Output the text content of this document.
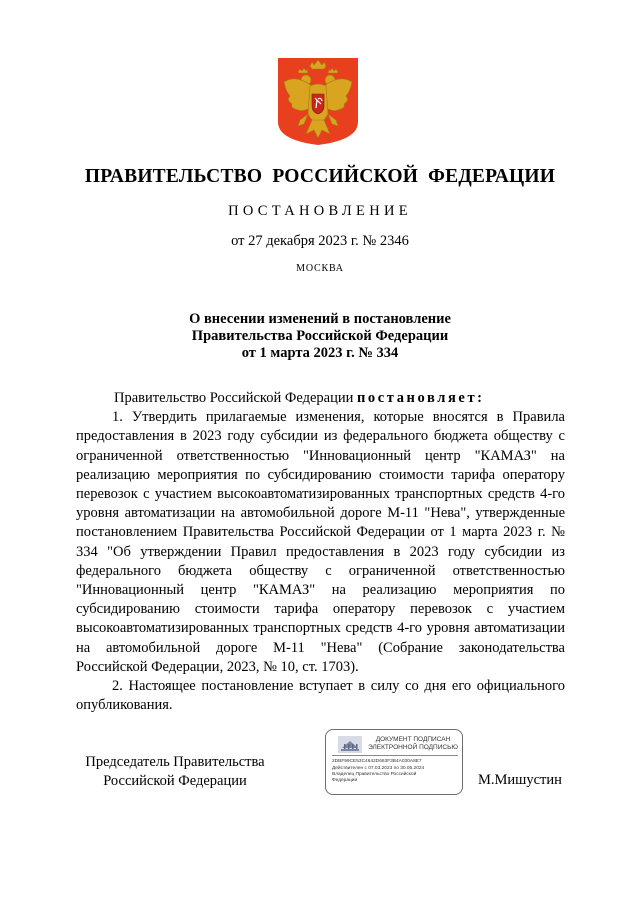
ПРАВИТЕЛЬСТВО РОССИЙСКОЙ ФЕДЕРАЦИИ
ПОСТАНОВЛЕНИЕ
от 27 декабря 2023 г. № 2346
МОСКВА
О внесении изменений в постановление
Правительства Российской Федерации
от 1 марта 2023 г. № 334

Правительство Российской Федерации постановляет:

1. Утвердить прилагаемые изменения, которые вносятся в Правила предоставления в 2023 году субсидии из федерального бюджета обществу с ограниченной ответственностью "Инновационный центр "КАМАЗ" на реализацию мероприятия по субсидированию стоимости тарифа оператору перевозок с участием высокоавтоматизированных транспортных средств 4-го уровня автоматизации на автомобильной дороге М-11 "Нева", утвержденные постановлением Правительства Российской Федерации от 1 марта 2023 г. № 334 "Об утверждении Правил предоставления в 2023 году субсидии из федерального бюджета обществу с ограниченной ответственностью "Инновационный центр "КАМАЗ" на реализацию мероприятия по субсидированию стоимости тарифа оператору перевозок с участием высокоавтоматизированных транспортных средств 4-го уровня автоматизации на автомобильной дороге М-11 "Нева" (Собрание законодательства Российской Федерации, 2023, № 10, ст. 1703).

2. Настоящее постановление вступает в силу со дня его официального опубликования.

Председатель Правительства
Российской Федерации
ДОКУМЕНТ ПОДПИСАН
ЭЛЕКТРОННОЙ ПОДПИСЬЮ
2DBF99CE53C4642D663F3B4A030A8E7
Действителен с 07.03.2023 по 30.05.2024
Владелец Правительство Российской Федерации	М.Мишустин
